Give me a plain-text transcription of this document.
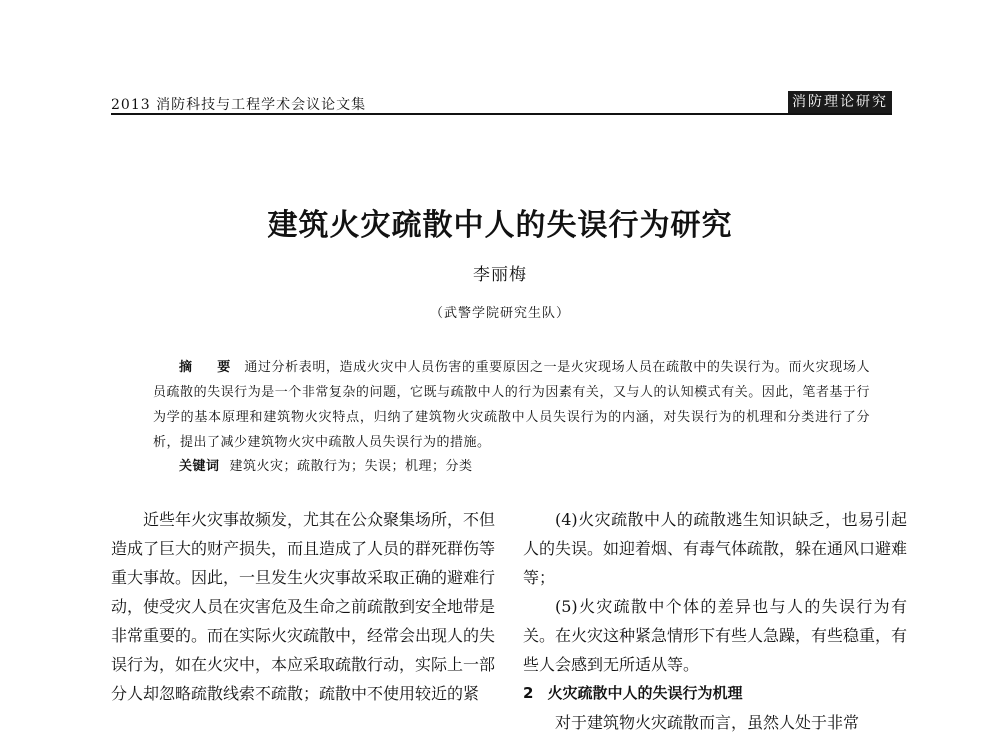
2013 消防科技与工程学术会议论文集	消防理论研究
建筑火灾疏散中人的失误行为研究
李丽梅
（武警学院研究生队）
摘　要 通过分析表明，造成火灾中人员伤害的重要原因之一是火灾现场人员在疏散中的失误行为。而火灾现场人员疏散的失误行为是一个非常复杂的问题，它既与疏散中人的行为因素有关，又与人的认知模式有关。因此，笔者基于行为学的基本原理和建筑物火灾特点，归纳了建筑物火灾疏散中人员失误行为的内涵，对失误行为的机理和分类进行了分析，提出了减少建筑物火灾中疏散人员失误行为的措施。
关键词 建筑火灾；疏散行为；失误；机理；分类

近些年火灾事故频发，尤其在公众聚集场所，不但造成了巨大的财产损失，而且造成了人员的群死群伤等重大事故。因此，一旦发生火灾事故采取正确的避难行动，使受灾人员在灾害危及生命之前疏散到安全地带是非常重要的。而在实际火灾疏散中，经常会出现人的失误行为，如在火灾中，本应采取疏散行动，实际上一部分人却忽略疏散线索不疏散；疏散中不使用较近的紧

(4)火灾疏散中人的疏散逃生知识缺乏，也易引起人的失误。如迎着烟、有毒气体疏散，躲在通风口避难等；

(5)火灾疏散中个体的差异也与人的失误行为有关。在火灾这种紧急情形下有些人急躁，有些稳重，有些人会感到无所适从等。

2 火灾疏散中人的失误行为机理

对于建筑物火灾疏散而言，虽然人处于非常
